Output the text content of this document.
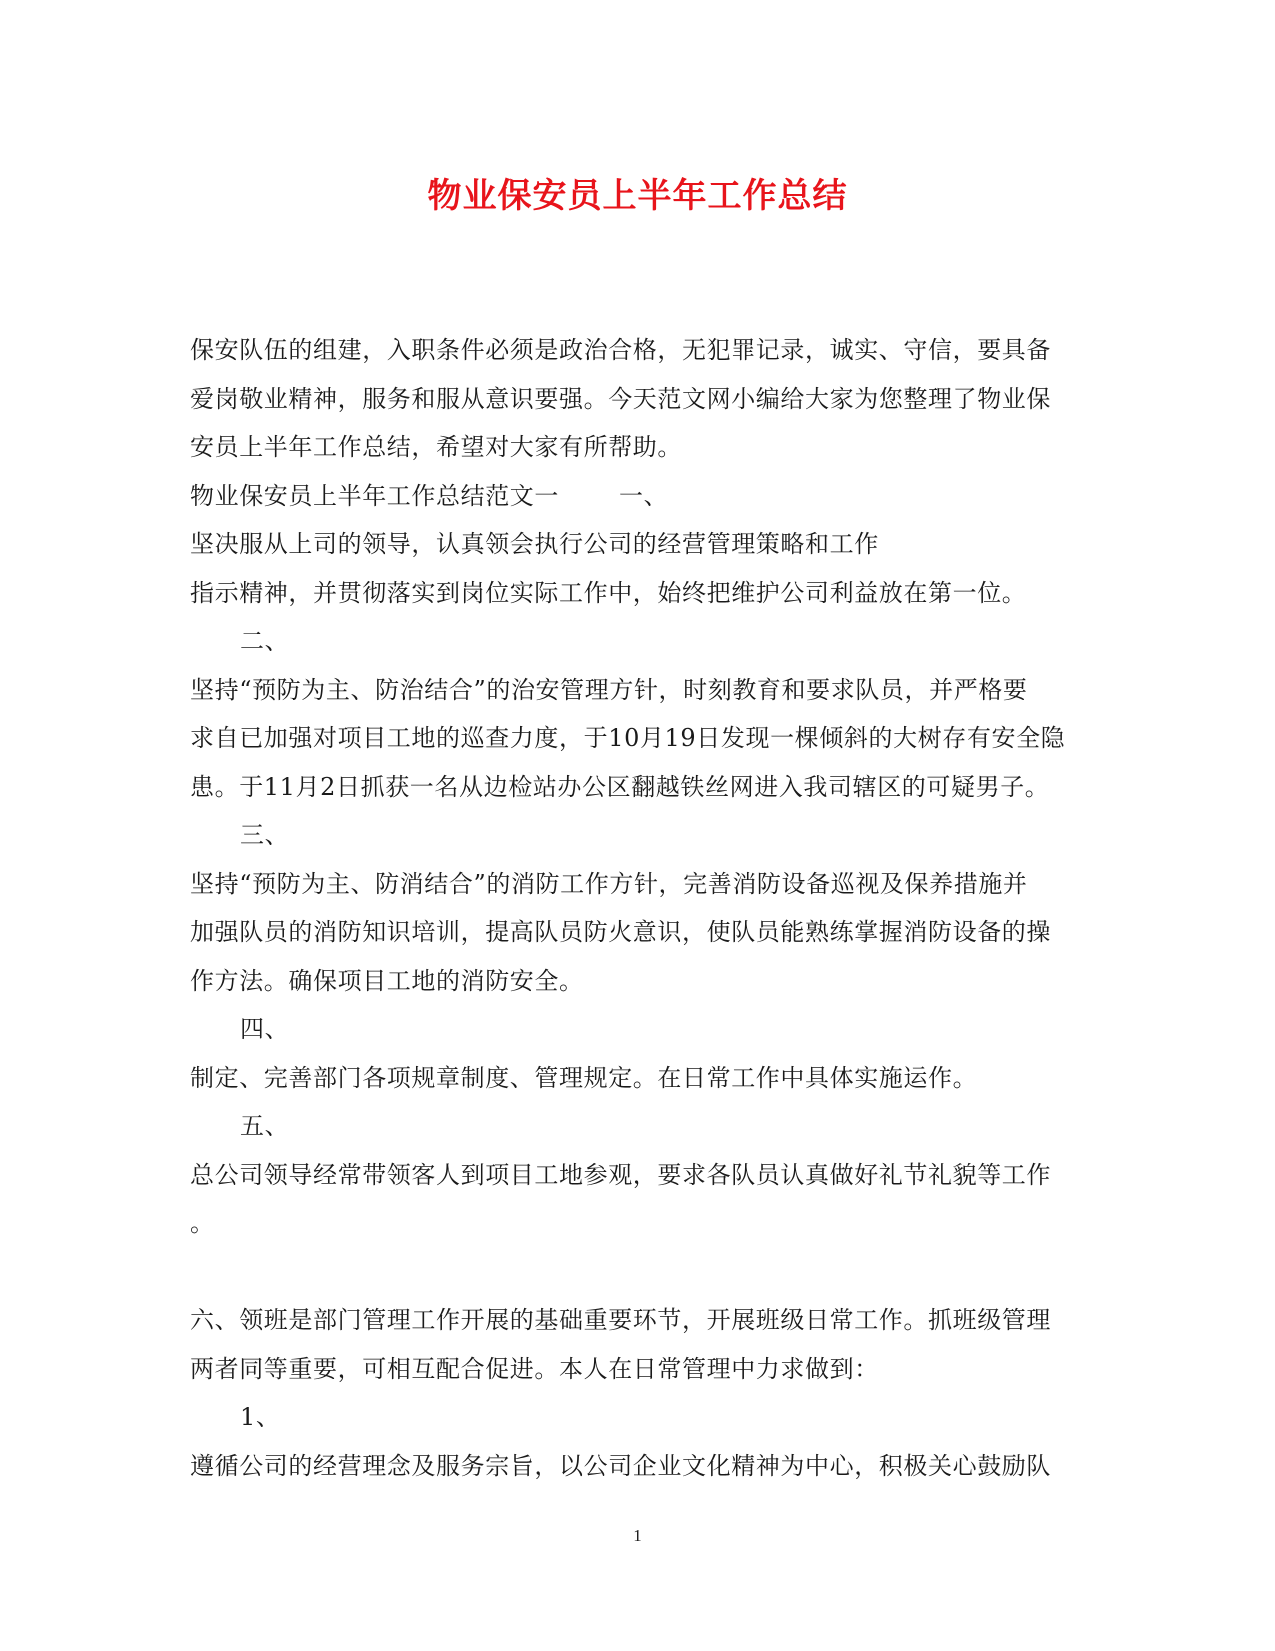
物业保安员上半年工作总结
保安队伍的组建，入职条件必须是政治合格，无犯罪记录，诚实、守信，要具备
爱岗敬业精神，服务和服从意识要强。今天范文网小编给大家为您整理了物业保
安员上半年工作总结，希望对大家有所帮助。
物业保安员上半年工作总结范文一	一、
坚决服从上司的领导，认真领会执行公司的经营管理策略和工作
指示精神，并贯彻落实到岗位实际工作中，始终把维护公司利益放在第一位。
二、
坚持“预防为主、防治结合”的治安管理方针，时刻教育和要求队员，并严格要
求自已加强对项目工地的巡查力度，于10月19日发现一棵倾斜的大树存有安全隐
患。于11月2日抓获一名从边检站办公区翻越铁丝网进入我司辖区的可疑男子。
三、
坚持“预防为主、防消结合”的消防工作方针，完善消防设备巡视及保养措施并
加强队员的消防知识培训，提高队员防火意识，使队员能熟练掌握消防设备的操
作方法。确保项目工地的消防安全。
四、
制定、完善部门各项规章制度、管理规定。在日常工作中具体实施运作。
五、
总公司领导经常带领客人到项目工地参观，要求各队员认真做好礼节礼貌等工作
。
六、领班是部门管理工作开展的基础重要环节，开展班级日常工作。抓班级管理
两者同等重要，可相互配合促进。本人在日常管理中力求做到：
1、
遵循公司的经营理念及服务宗旨，以公司企业文化精神为中心，积极关心鼓励队
1
